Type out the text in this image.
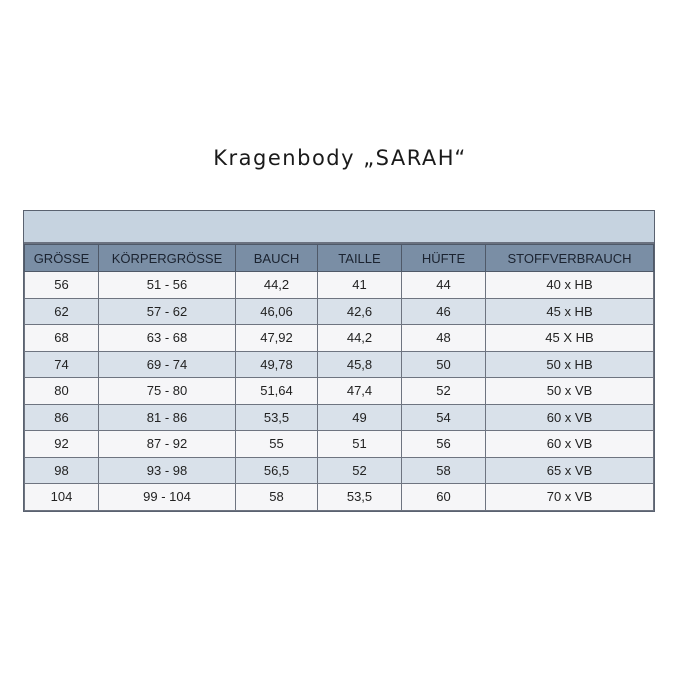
Kragenbody „SARAH“
GRÖSSE	KÖRPERGRÖSSE	BAUCH	TAILLE	HÜFTE	STOFFVERBRAUCH
56	51 - 56	44,2	41	44	40 x HB
62	57 - 62	46,06	42,6	46	45 x HB
68	63 - 68	47,92	44,2	48	45 X HB
74	69 - 74	49,78	45,8	50	50 x HB
80	75 - 80	51,64	47,4	52	50 x VB
86	81 - 86	53,5	49	54	60 x VB
92	87 - 92	55	51	56	60 x VB
98	93 - 98	56,5	52	58	65 x VB
104	99 - 104	58	53,5	60	70 x VB
